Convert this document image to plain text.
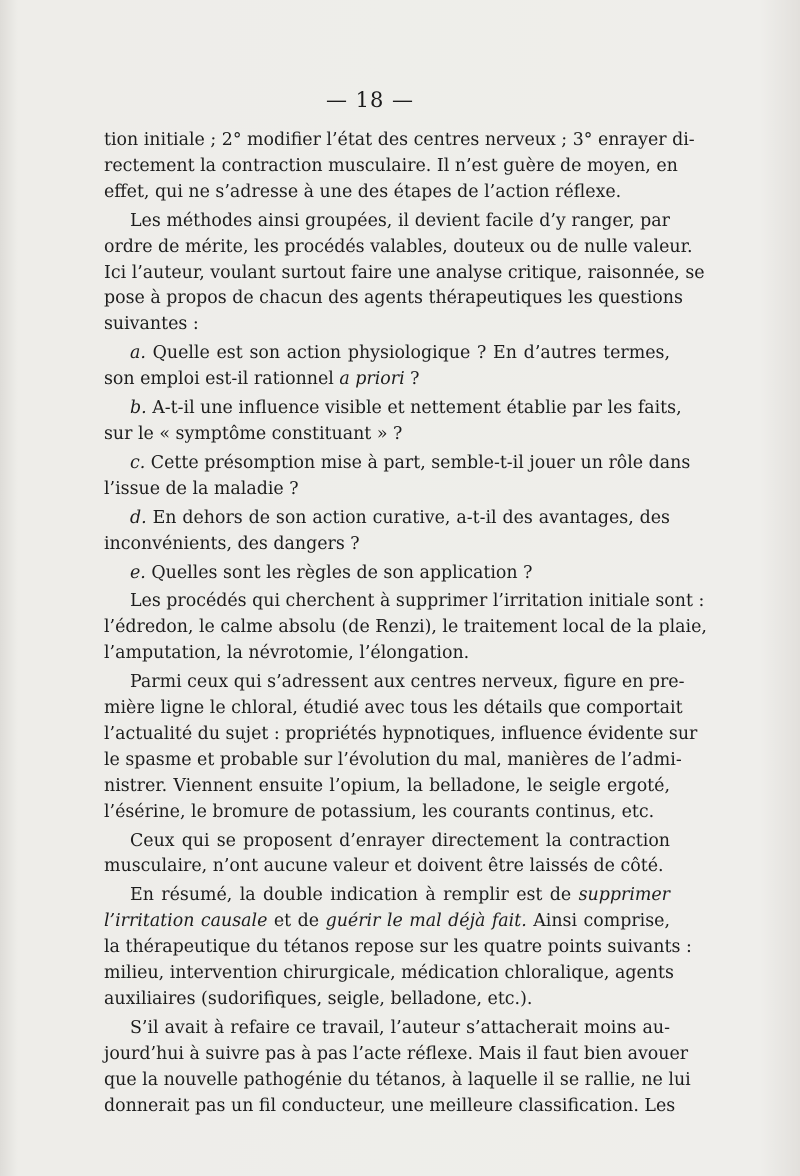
— 18 —
tion initiale ; 2° modifier l’état des centres nerveux ; 3° enrayer di-
rectement la contraction musculaire. Il n’est guère de moyen, en
effet, qui ne s’adresse à une des étapes de l’action réflexe.
Les méthodes ainsi groupées, il devient facile d’y ranger, par
ordre de mérite, les procédés valables, douteux ou de nulle valeur.
Ici l’auteur, voulant surtout faire une analyse critique, raisonnée, se
pose à propos de chacun des agents thérapeutiques les questions
suivantes :
a. Quelle est son action physiologique ? En d’autres termes,
son emploi est-il rationnel a priori ?
b. A-t-il une influence visible et nettement établie par les faits,
sur le « symptôme constituant » ?
c. Cette présomption mise à part, semble-t-il jouer un rôle dans
l’issue de la maladie ?
d. En dehors de son action curative, a-t-il des avantages, des
inconvénients, des dangers ?
e. Quelles sont les règles de son application ?
Les procédés qui cherchent à supprimer l’irritation initiale sont :
l’édredon, le calme absolu (de Renzi), le traitement local de la plaie,
l’amputation, la névrotomie, l’élongation.
Parmi ceux qui s’adressent aux centres nerveux, figure en pre-
mière ligne le chloral, étudié avec tous les détails que comportait
l’actualité du sujet : propriétés hypnotiques, influence évidente sur
le spasme et probable sur l’évolution du mal, manières de l’admi-
nistrer. Viennent ensuite l’opium, la belladone, le seigle ergoté,
l’ésérine, le bromure de potassium, les courants continus, etc.
Ceux qui se proposent d’enrayer directement la contraction
musculaire, n’ont aucune valeur et doivent être laissés de côté.
En résumé, la double indication à remplir est de supprimer
l’irritation causale et de guérir le mal déjà fait. Ainsi comprise,
la thérapeutique du tétanos repose sur les quatre points suivants :
milieu, intervention chirurgicale, médication chloralique, agents
auxiliaires (sudorifiques, seigle, belladone, etc.).
S’il avait à refaire ce travail, l’auteur s’attacherait moins au-
jourd’hui à suivre pas à pas l’acte réflexe. Mais il faut bien avouer
que la nouvelle pathogénie du tétanos, à laquelle il se rallie, ne lui
donnerait pas un fil conducteur, une meilleure classification. Les
